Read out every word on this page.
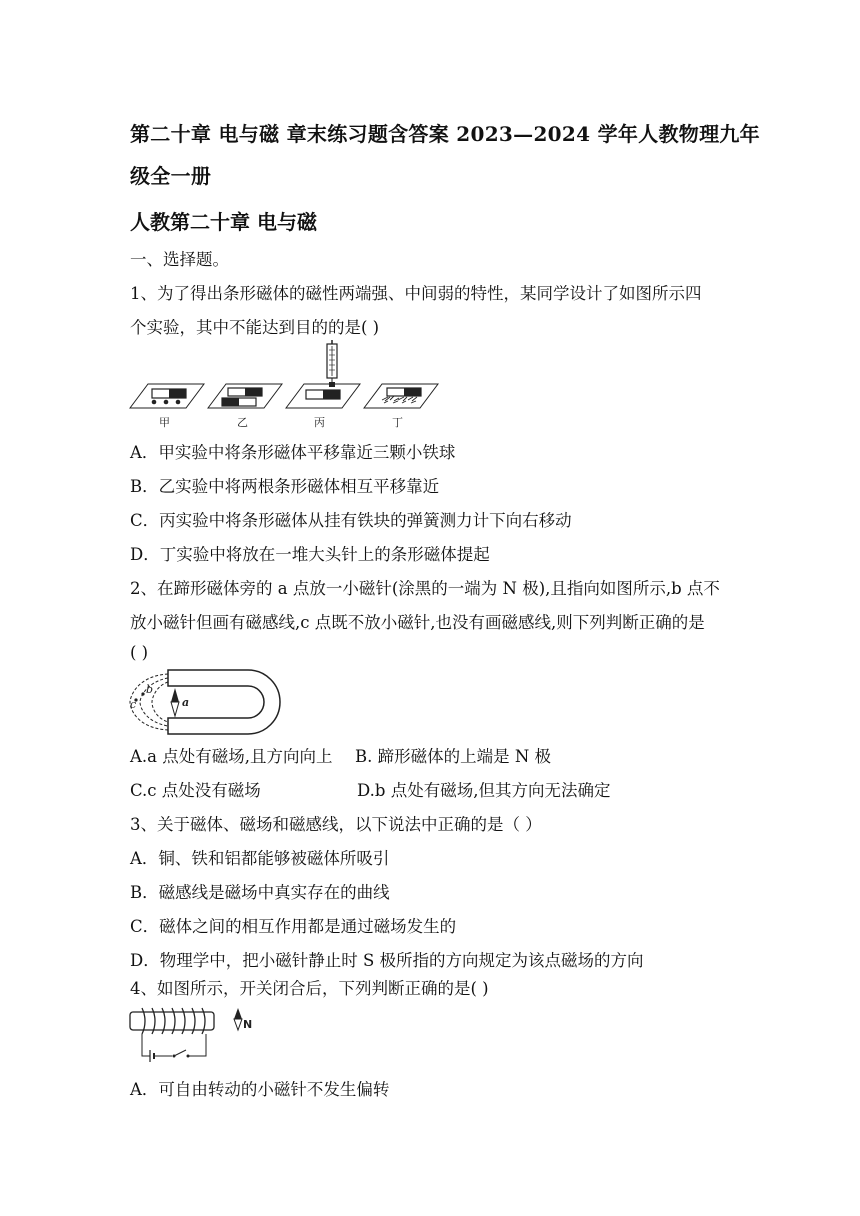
第二十章 电与磁 章末练习题含答案 2023—2024 学年人教物理九年
级全一册
人教第二十章 电与磁
一、选择题。
1、为了得出条形磁体的磁性两端强、中间弱的特性，某同学设计了如图所示四
个实验，其中不能达到目的的是( )
甲	乙	丙	丁
A．甲实验中将条形磁体平移靠近三颗小铁球
B．乙实验中将两根条形磁体相互平移靠近
C．丙实验中将条形磁体从挂有铁块的弹簧测力计下向右移动
D．丁实验中将放在一堆大头针上的条形磁体提起
2、在蹄形磁体旁的 a 点放一小磁针(涂黑的一端为 N 极),且指向如图所示,b 点不
放小磁针但画有磁感线,c 点既不放小磁针,也没有画磁感线,则下列判断正确的是
( )
a
b
c
A.a 点处有磁场,且方向向上 B. 蹄形磁体的上端是 N 极
C.c 点处没有磁场	D.b 点处有磁场,但其方向无法确定
3、关于磁体、磁场和磁感线，以下说法中正确的是（ ）
A．铜、铁和铝都能够被磁体所吸引
B．磁感线是磁场中真实存在的曲线
C．磁体之间的相互作用都是通过磁场发生的
D．物理学中，把小磁针静止时 S 极所指的方向规定为该点磁场的方向
4、如图所示，开关闭合后，下列判断正确的是( )
N
A．可自由转动的小磁针不发生偏转
